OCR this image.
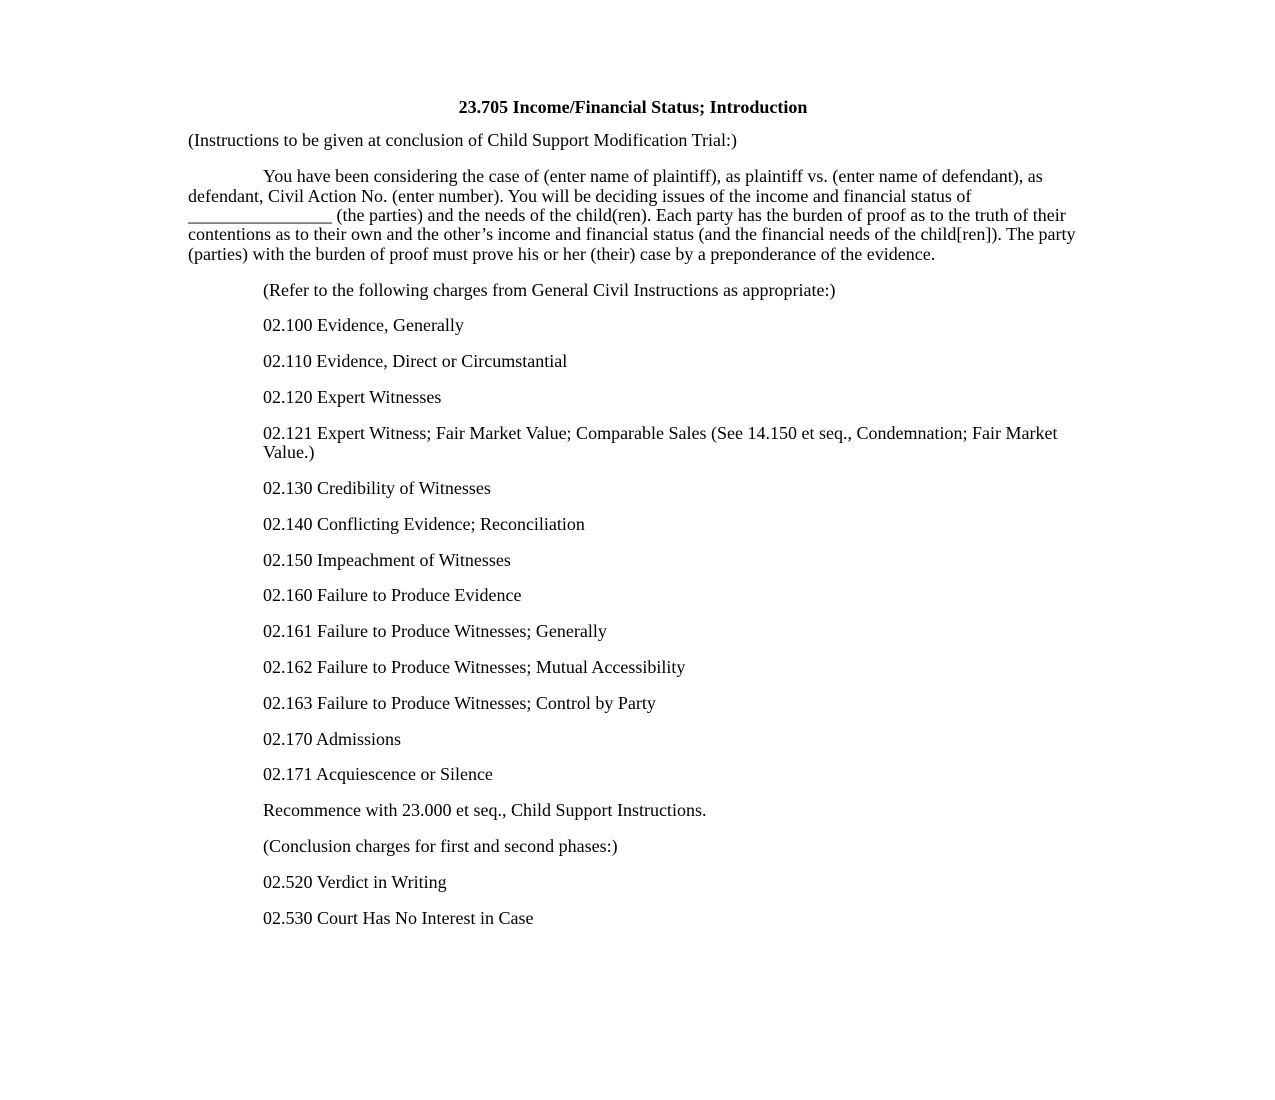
23.705 Income/Financial Status; Introduction

(Instructions to be given at conclusion of Child Support Modification Trial:)

You have been considering the case of (enter name of plaintiff), as plaintiff vs. (enter name of defendant), as defendant, Civil Action No. (enter number). You will be deciding issues of the income and financial status of ________________ (the parties) and the needs of the child(ren). Each party has the burden of proof as to the truth of their contentions as to their own and the other’s income and financial status (and the financial needs of the child[ren]). The party (parties) with the burden of proof must prove his or her (their) case by a preponderance of the evidence.

(Refer to the following charges from General Civil Instructions as appropriate:)

02.100 Evidence, Generally

02.110 Evidence, Direct or Circumstantial

02.120 Expert Witnesses

02.121 Expert Witness; Fair Market Value; Comparable Sales (See 14.150 et seq., Condemnation; Fair Market Value.)

02.130 Credibility of Witnesses

02.140 Conflicting Evidence; Reconciliation

02.150 Impeachment of Witnesses

02.160 Failure to Produce Evidence

02.161 Failure to Produce Witnesses; Generally

02.162 Failure to Produce Witnesses; Mutual Accessibility

02.163 Failure to Produce Witnesses; Control by Party

02.170 Admissions

02.171 Acquiescence or Silence

Recommence with 23.000 et seq., Child Support Instructions.

(Conclusion charges for first and second phases:)

02.520 Verdict in Writing

02.530 Court Has No Interest in Case
